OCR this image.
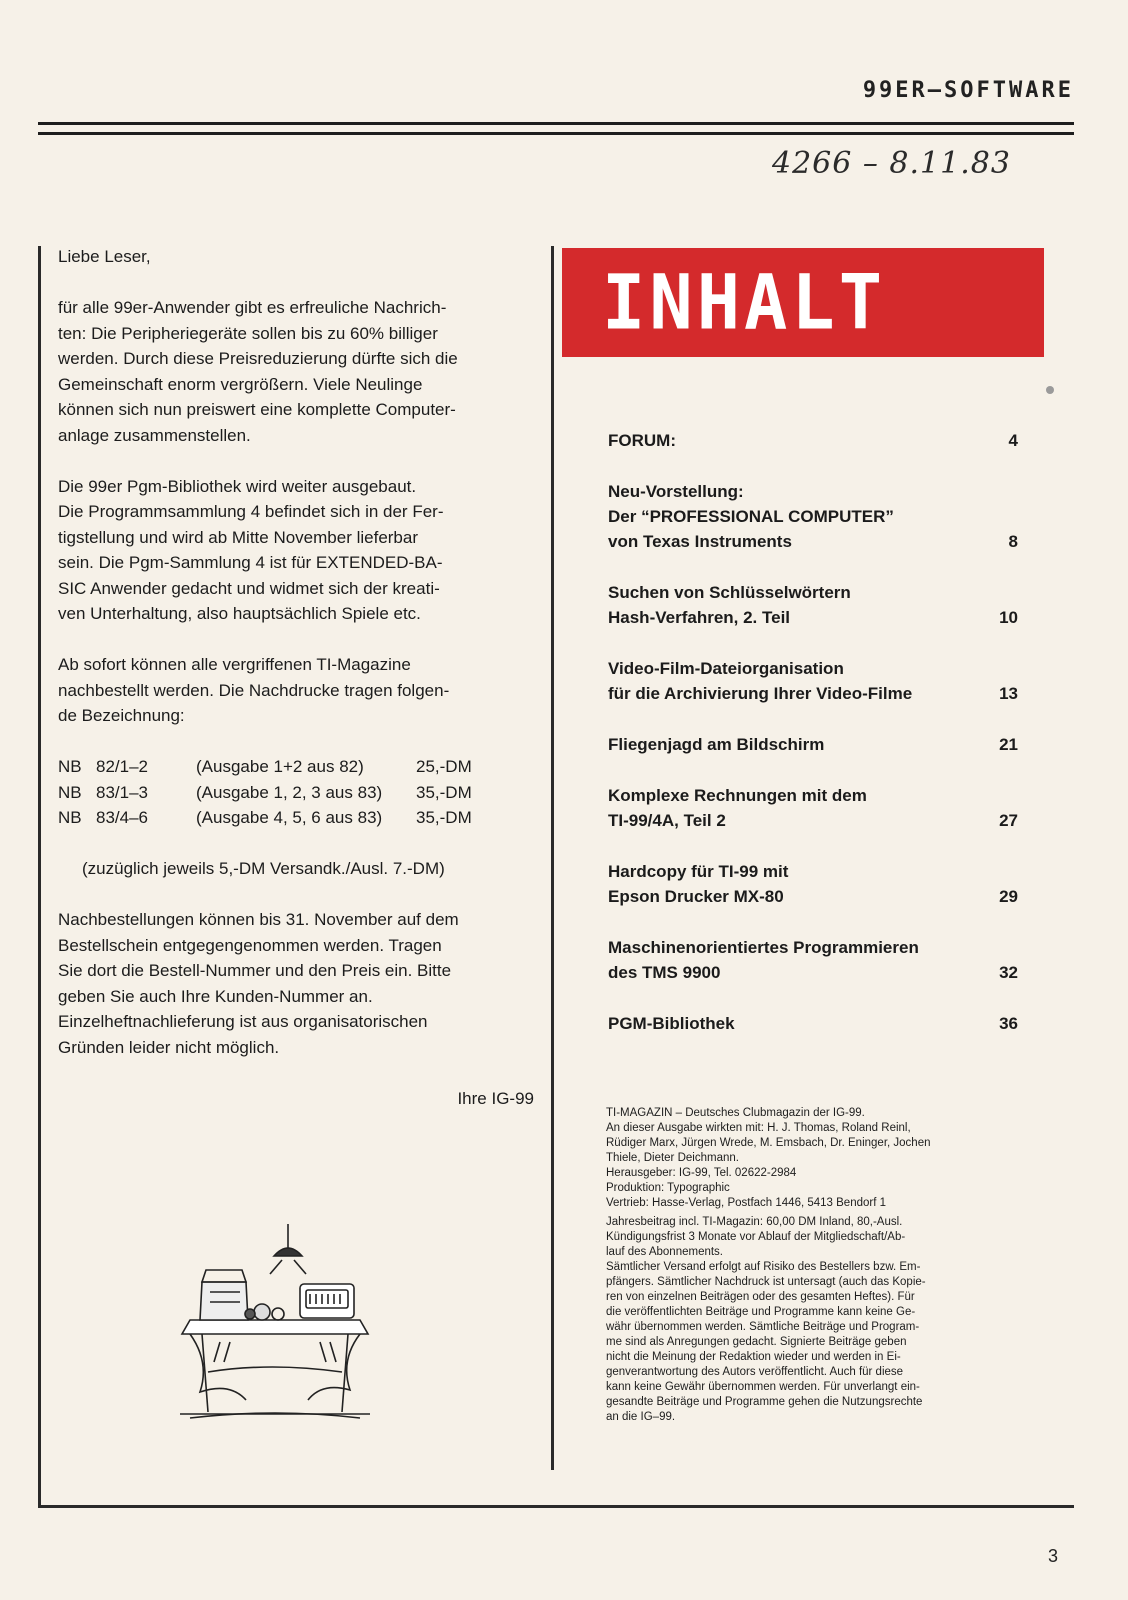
99ER–SOFTWARE
4266 – 8.11.83

Liebe Leser,

für alle 99er-Anwender gibt es erfreuliche Nachrich-
ten: Die Peripheriegeräte sollen bis zu 60% billiger
werden. Durch diese Preisreduzierung dürfte sich die
Gemeinschaft enorm vergrößern. Viele Neulinge
können sich nun preiswert eine komplette Computer-
anlage zusammenstellen.

Die 99er Pgm-Bibliothek wird weiter ausgebaut.
Die Programmsammlung 4 befindet sich in der Fer-
tigstellung und wird ab Mitte November lieferbar
sein. Die Pgm-Sammlung 4 ist für EXTENDED-BA-
SIC Anwender gedacht und widmet sich der kreati-
ven Unterhaltung, also hauptsächlich Spiele etc.

Ab sofort können alle vergriffenen TI-Magazine
nachbestellt werden. Die Nachdrucke tragen folgen-
de Bezeichnung:

NB	82/1–2	(Ausgabe 1+2 aus 82)	25,-DM
NB	83/1–3	(Ausgabe 1, 2, 3 aus 83)	35,-DM
NB	83/4–6	(Ausgabe 4, 5, 6 aus 83)	35,-DM

(zuzüglich jeweils 5,-DM Versandk./Ausl. 7.-DM)

Nachbestellungen können bis 31. November auf dem
Bestellschein entgegengenommen werden. Tragen
Sie dort die Bestell-Nummer und den Preis ein. Bitte
geben Sie auch Ihre Kunden-Nummer an.
Einzelheftnachlieferung ist aus organisatorischen
Gründen leider nicht möglich.

Ihre IG-99

INHALT
FORUM:	4
Neu-Vorstellung:
Der “PROFESSIONAL COMPUTER”
von Texas Instruments	8
Suchen von Schlüsselwörtern
Hash-Verfahren, 2. Teil	10
Video-Film-Dateiorganisation
für die Archivierung Ihrer Video-Filme	13
Fliegenjagd am Bildschirm	21
Komplexe Rechnungen mit dem
TI-99/4A, Teil 2	27
Hardcopy für TI-99 mit
Epson Drucker MX-80	29
Maschinenorientiertes Programmieren
des TMS 9900	32
PGM-Bibliothek	36

TI-MAGAZIN – Deutsches Clubmagazin der IG-99.

An dieser Ausgabe wirkten mit: H. J. Thomas, Roland Reinl,

Rüdiger Marx, Jürgen Wrede, M. Emsbach, Dr. Eninger, Jochen

Thiele, Dieter Deichmann.

Herausgeber: IG-99, Tel. 02622-2984

Produktion: Typographic

Vertrieb: Hasse-Verlag, Postfach 1446, 5413 Bendorf 1

Jahresbeitrag incl. TI-Magazin: 60,00 DM Inland, 80,-Ausl.

Kündigungsfrist 3 Monate vor Ablauf der Mitgliedschaft/Ab-

lauf des Abonnements.

Sämtlicher Versand erfolgt auf Risiko des Bestellers bzw. Em-

pfängers. Sämtlicher Nachdruck ist untersagt (auch das Kopie-

ren von einzelnen Beiträgen oder des gesamten Heftes). Für

die veröffentlichten Beiträge und Programme kann keine Ge-

währ übernommen werden. Sämtliche Beiträge und Program-

me sind als Anregungen gedacht. Signierte Beiträge geben

nicht die Meinung der Redaktion wieder und werden in Ei-

genverantwortung des Autors veröffentlicht. Auch für diese

kann keine Gewähr übernommen werden. Für unverlangt ein-

gesandte Beiträge und Programme gehen die Nutzungsrechte

an die IG–99.

3
